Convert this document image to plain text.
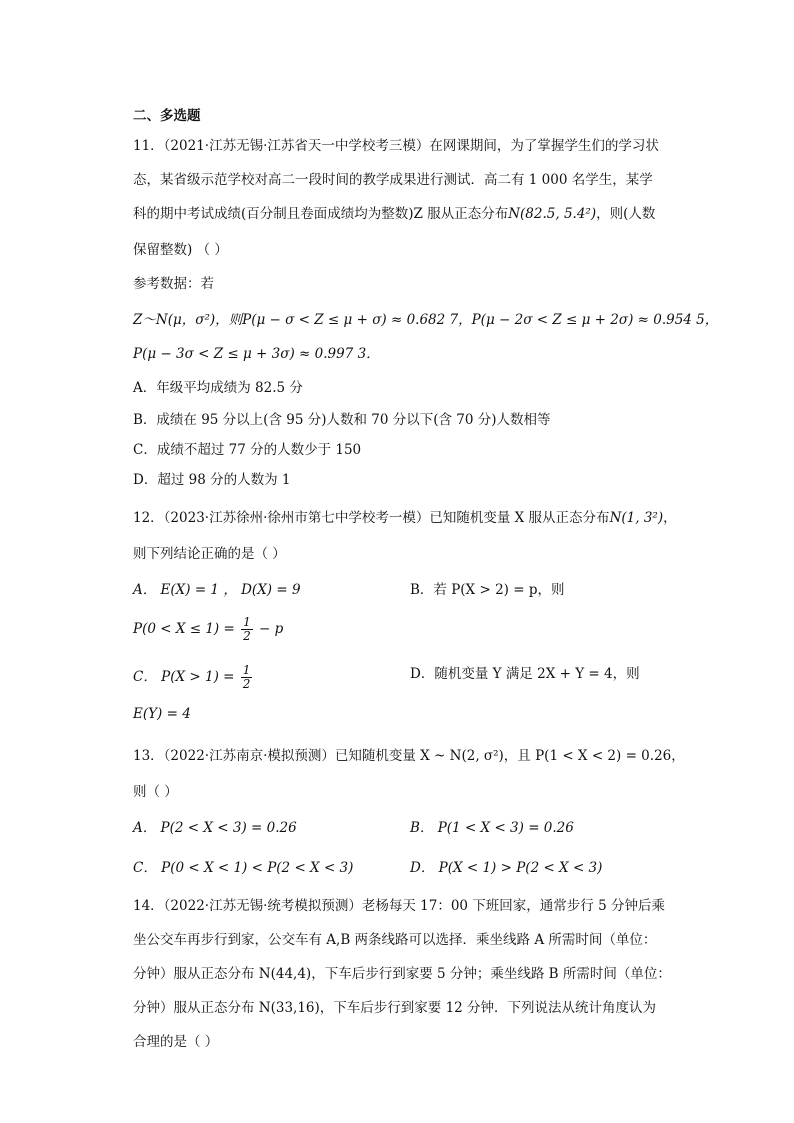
二、多选题
11．（2021·江苏无锡·江苏省天一中学校考三模）在网课期间，为了掌握学生们的学习状
态，某省级示范学校对高二一段时间的教学成果进行测试．高二有 1 000 名学生，某学
科的期中考试成绩(百分制且卷面成绩均为整数)Z 服从正态分布N(82.5, 5.4²)，则(人数
保留整数) （ ）
参考数据：若
Z～N(μ，σ²)，则P(μ − σ < Z ≤ μ + σ) ≈ 0.682 7，P(μ − 2σ < Z ≤ μ + 2σ) ≈ 0.954 5，
P(μ − 3σ < Z ≤ μ + 3σ) ≈ 0.997 3．
A．年级平均成绩为 82.5 分
B．成绩在 95 分以上(含 95 分)人数和 70 分以下(含 70 分)人数相等
C．成绩不超过 77 分的人数少于 150
D．超过 98 分的人数为 1
12．（2023·江苏徐州·徐州市第七中学校考一模）已知随机变量 X 服从正态分布N(1, 3²)，
则下列结论正确的是（ ）
A． E(X) = 1 ， D(X) = 9	B．若 P(X > 2) = p，则
$P(0 < X \le 1) = \frac{1}{2} - p$
C． $P(X > 1) = \frac{1}{2}$	D．随机变量 Y 满足 2X + Y = 4，则
E(Y) = 4
13．（2022·江苏南京·模拟预测）已知随机变量 X ~ N(2, σ²)，且 P(1 < X < 2) = 0.26，
则（ ）
A． P(2 < X < 3) = 0.26	B． P(1 < X < 3) = 0.26
C． P(0 < X < 1) < P(2 < X < 3)	D． P(X < 1) > P(2 < X < 3)
14．（2022·江苏无锡·统考模拟预测）老杨每天 17：00 下班回家，通常步行 5 分钟后乘
坐公交车再步行到家，公交车有 A,B 两条线路可以选择．乘坐线路 A 所需时间（单位：
分钟）服从正态分布 N(44,4)，下车后步行到家要 5 分钟；乘坐线路 B 所需时间（单位：
分钟）服从正态分布 N(33,16)，下车后步行到家要 12 分钟．下列说法从统计角度认为
合理的是（ ）
